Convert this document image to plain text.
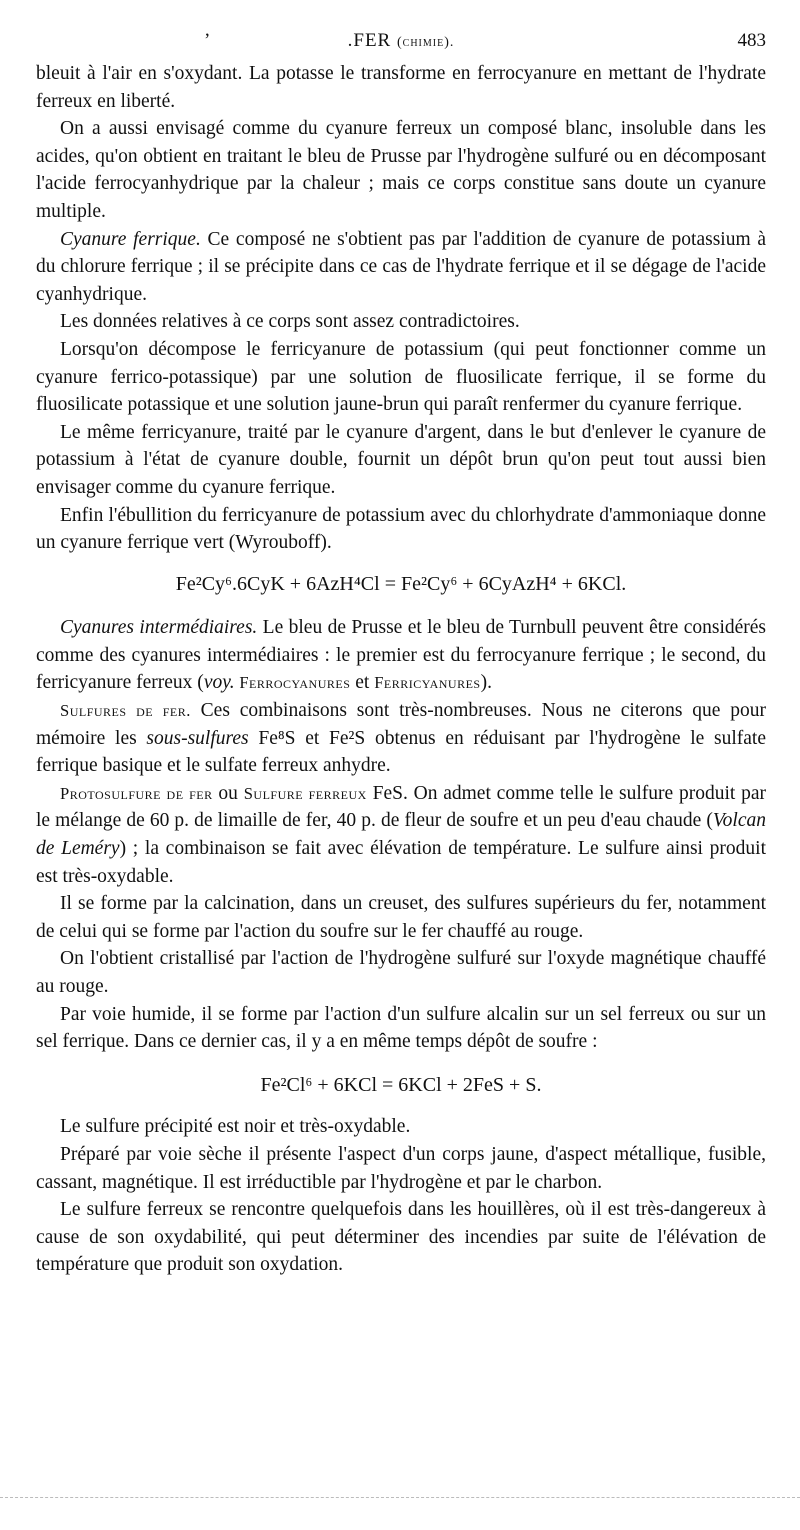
’	.FER (chimie).	483

bleuit à l'air en s'oxydant. La potasse le transforme en ferrocyanure en mettant de l'hydrate ferreux en liberté.

On a aussi envisagé comme du cyanure ferreux un composé blanc, insoluble dans les acides, qu'on obtient en traitant le bleu de Prusse par l'hydrogène sulfuré ou en décomposant l'acide ferrocyanhydrique par la chaleur ; mais ce corps constitue sans doute un cyanure multiple.

Cyanure ferrique. Ce composé ne s'obtient pas par l'addition de cyanure de potassium à du chlorure ferrique ; il se précipite dans ce cas de l'hydrate ferrique et il se dégage de l'acide cyanhydrique.

Les données relatives à ce corps sont assez contradictoires.

Lorsqu'on décompose le ferricyanure de potassium (qui peut fonctionner comme un cyanure ferrico-potassique) par une solution de fluosilicate ferrique, il se forme du fluosilicate potassique et une solution jaune-brun qui paraît renfermer du cyanure ferrique.

Le même ferricyanure, traité par le cyanure d'argent, dans le but d'enlever le cyanure de potassium à l'état de cyanure double, fournit un dépôt brun qu'on peut tout aussi bien envisager comme du cyanure ferrique.

Enfin l'ébullition du ferricyanure de potassium avec du chlorhydrate d'ammoniaque donne un cyanure ferrique vert (Wyrouboff).

Fe²Cy⁶.6CyK + 6AzH⁴Cl = Fe²Cy⁶ + 6CyAzH⁴ + 6KCl.

Cyanures intermédiaires. Le bleu de Prusse et le bleu de Turnbull peuvent être considérés comme des cyanures intermédiaires : le premier est du ferrocyanure ferrique ; le second, du ferricyanure ferreux (voy. Ferrocyanures et Ferricyanures).

Sulfures de fer. Ces combinaisons sont très-nombreuses. Nous ne citerons que pour mémoire les sous-sulfures Fe⁸S et Fe²S obtenus en réduisant par l'hydrogène le sulfate ferrique basique et le sulfate ferreux anhydre.

Protosulfure de fer ou Sulfure ferreux FeS. On admet comme telle le sulfure produit par le mélange de 60 p. de limaille de fer, 40 p. de fleur de soufre et un peu d'eau chaude (Volcan de Leméry) ; la combinaison se fait avec élévation de température. Le sulfure ainsi produit est très-oxydable.

Il se forme par la calcination, dans un creuset, des sulfures supérieurs du fer, notamment de celui qui se forme par l'action du soufre sur le fer chauffé au rouge.

On l'obtient cristallisé par l'action de l'hydrogène sulfuré sur l'oxyde magnétique chauffé au rouge.

Par voie humide, il se forme par l'action d'un sulfure alcalin sur un sel ferreux ou sur un sel ferrique. Dans ce dernier cas, il y a en même temps dépôt de soufre :

Fe²Cl⁶ + 6KCl = 6KCl + 2FeS + S.

Le sulfure précipité est noir et très-oxydable.

Préparé par voie sèche il présente l'aspect d'un corps jaune, d'aspect métallique, fusible, cassant, magnétique. Il est irréductible par l'hydrogène et par le charbon.

Le sulfure ferreux se rencontre quelquefois dans les houillères, où il est très-dangereux à cause de son oxydabilité, qui peut déterminer des incendies par suite de l'élévation de température que produit son oxydation.
